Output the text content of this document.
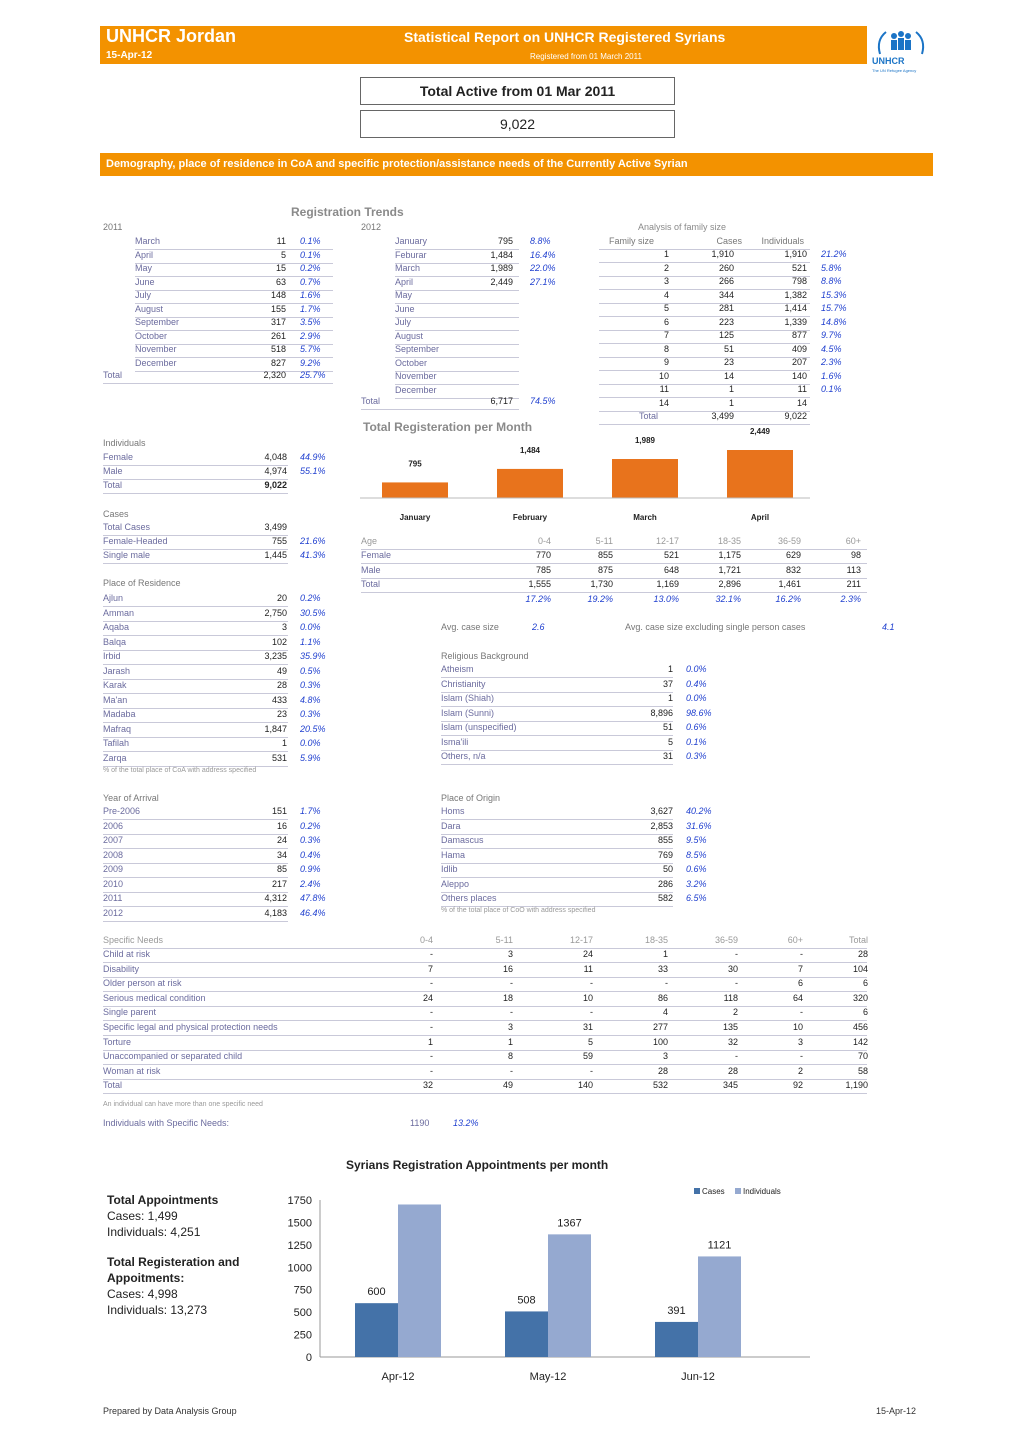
UNHCR Jordan
15-Apr-12
Statistical Report on UNHCR Registered Syrians
Registered from 01 March 2011	UNHCR
The UN Refugee Agency
Total Active from 01 Mar 2011
9,022
Demography, place of residence in CoA and specific protection/assistance needs of the Currently Active Syrian
Registration Trends
2011
March	11 0.1%
April	5 0.1%
May	15 0.2%
June	63 0.7%
July	148 1.6%
August	155 1.7%
September	317 3.5%
October	261 2.9%
November	518 5.7%
December	827 9.2%
Total	2,320 25.7%
2012
January	795 8.8%
Feburar	1,484 16.4%
March	1,989 22.0%
April	2,449 27.1%
May
June
July
August
September
October
November
December
Total	6,717 74.5%
Analysis of family size
Family size	Cases	Individuals
1	1,910	1,910 21.2%
2	260	521 5.8%
3	266	798 8.8%
4	344	1,382 15.3%
5	281	1,414 15.7%
6	223	1,339 14.8%
7	125	877 9.7%
8	51	409 4.5%
9	23	207 2.3%
10	14	140 1.6%
11	1	11 0.1%
14	1	14
Total	3,499	9,022
Individuals
Female	4,048 44.9%
Male	4,974 55.1%
Total	9,022
Cases
Total Cases	3,499
Female-Headed	755 21.6%
Single male	1,445 41.3%
Age	0-4	5-11	12-17	18-35	36-59	60+
Female	770	855	521	1,175	629	98
Male	785	875	648	1,721	832	113
Total	1,555	1,730	1,169	2,896	1,461	211
17.2%	19.2%	13.0%	32.1%	16.2%	2.3%
Place of Residence
Ajlun	20 0.2%
Amman	2,750 30.5%
Aqaba	3 0.0%
Balqa	102 1.1%
Irbid	3,235 35.9%
Jarash	49 0.5%
Karak	28 0.3%
Ma'an	433 4.8%
Madaba	23 0.3%
Mafraq	1,847 20.5%
Tafilah	1 0.0%
Zarqa	531 5.9%
% of the total place of CoA with address specified
Avg. case size	2.6	Avg. case size excluding single person cases	4.1
Religious Background
Atheism	1 0.0%
Christianity	37 0.4%
Islam (Shiah)	1 0.0%
Islam (Sunni)	8,896 98.6%
Islam (unspecified)	51 0.6%
Isma'ili	5 0.1%
Others, n/a	31 0.3%
Year of Arrival
Pre-2006	151 1.7%
2006	16 0.2%
2007	24 0.3%
2008	34 0.4%
2009	85 0.9%
2010	217 2.4%
2011	4,312 47.8%
2012	4,183 46.4%
Place of Origin
Homs	3,627 40.2%
Dara	2,853 31.6%
Damascus	855 9.5%
Hama	769 8.5%
Idlib	50 0.6%
Aleppo	286 3.2%
Others places	582 6.5%
% of the total place of CoO with address specified
Specific Needs	0-4	5-11	12-17	18-35	36-59	60+	Total
Child at risk	-	3	24	1	-	-	28
Disability	7	16	11	33	30	7	104
Older person at risk	-	-	-	-	-	6	6
Serious medical condition	24	18	10	86	118	64	320
Single parent	-	-	-	4	2	-	6
Specific legal and physical protection needs	-	3	31	277	135	10	456
Torture	1	1	5	100	32	3	142
Unaccompanied or separated child	-	8	59	3	-	-	70
Woman at risk	-	-	-	28	28	2	58
Total	32	49	140	532	345	92	1,190
An individual can have more than one specific need
Individuals with Specific Needs:	1190	13.2%
Total Registeration per Month
795
January
1,484
February
1,989
March
2,449
April
Syrians Registration Appointments per month
1750
1500
1250
1000
750
500
250
0
600
Apr-12
508
1367
May-12
391
1121
Jun-12
Cases Individuals
Total Appointments
Cases: 1,499
Individuals: 4,251
Total Registeration and Appoitments:
Cases: 4,998
Individuals: 13,273
Prepared by Data Analysis Group	15-Apr-12
